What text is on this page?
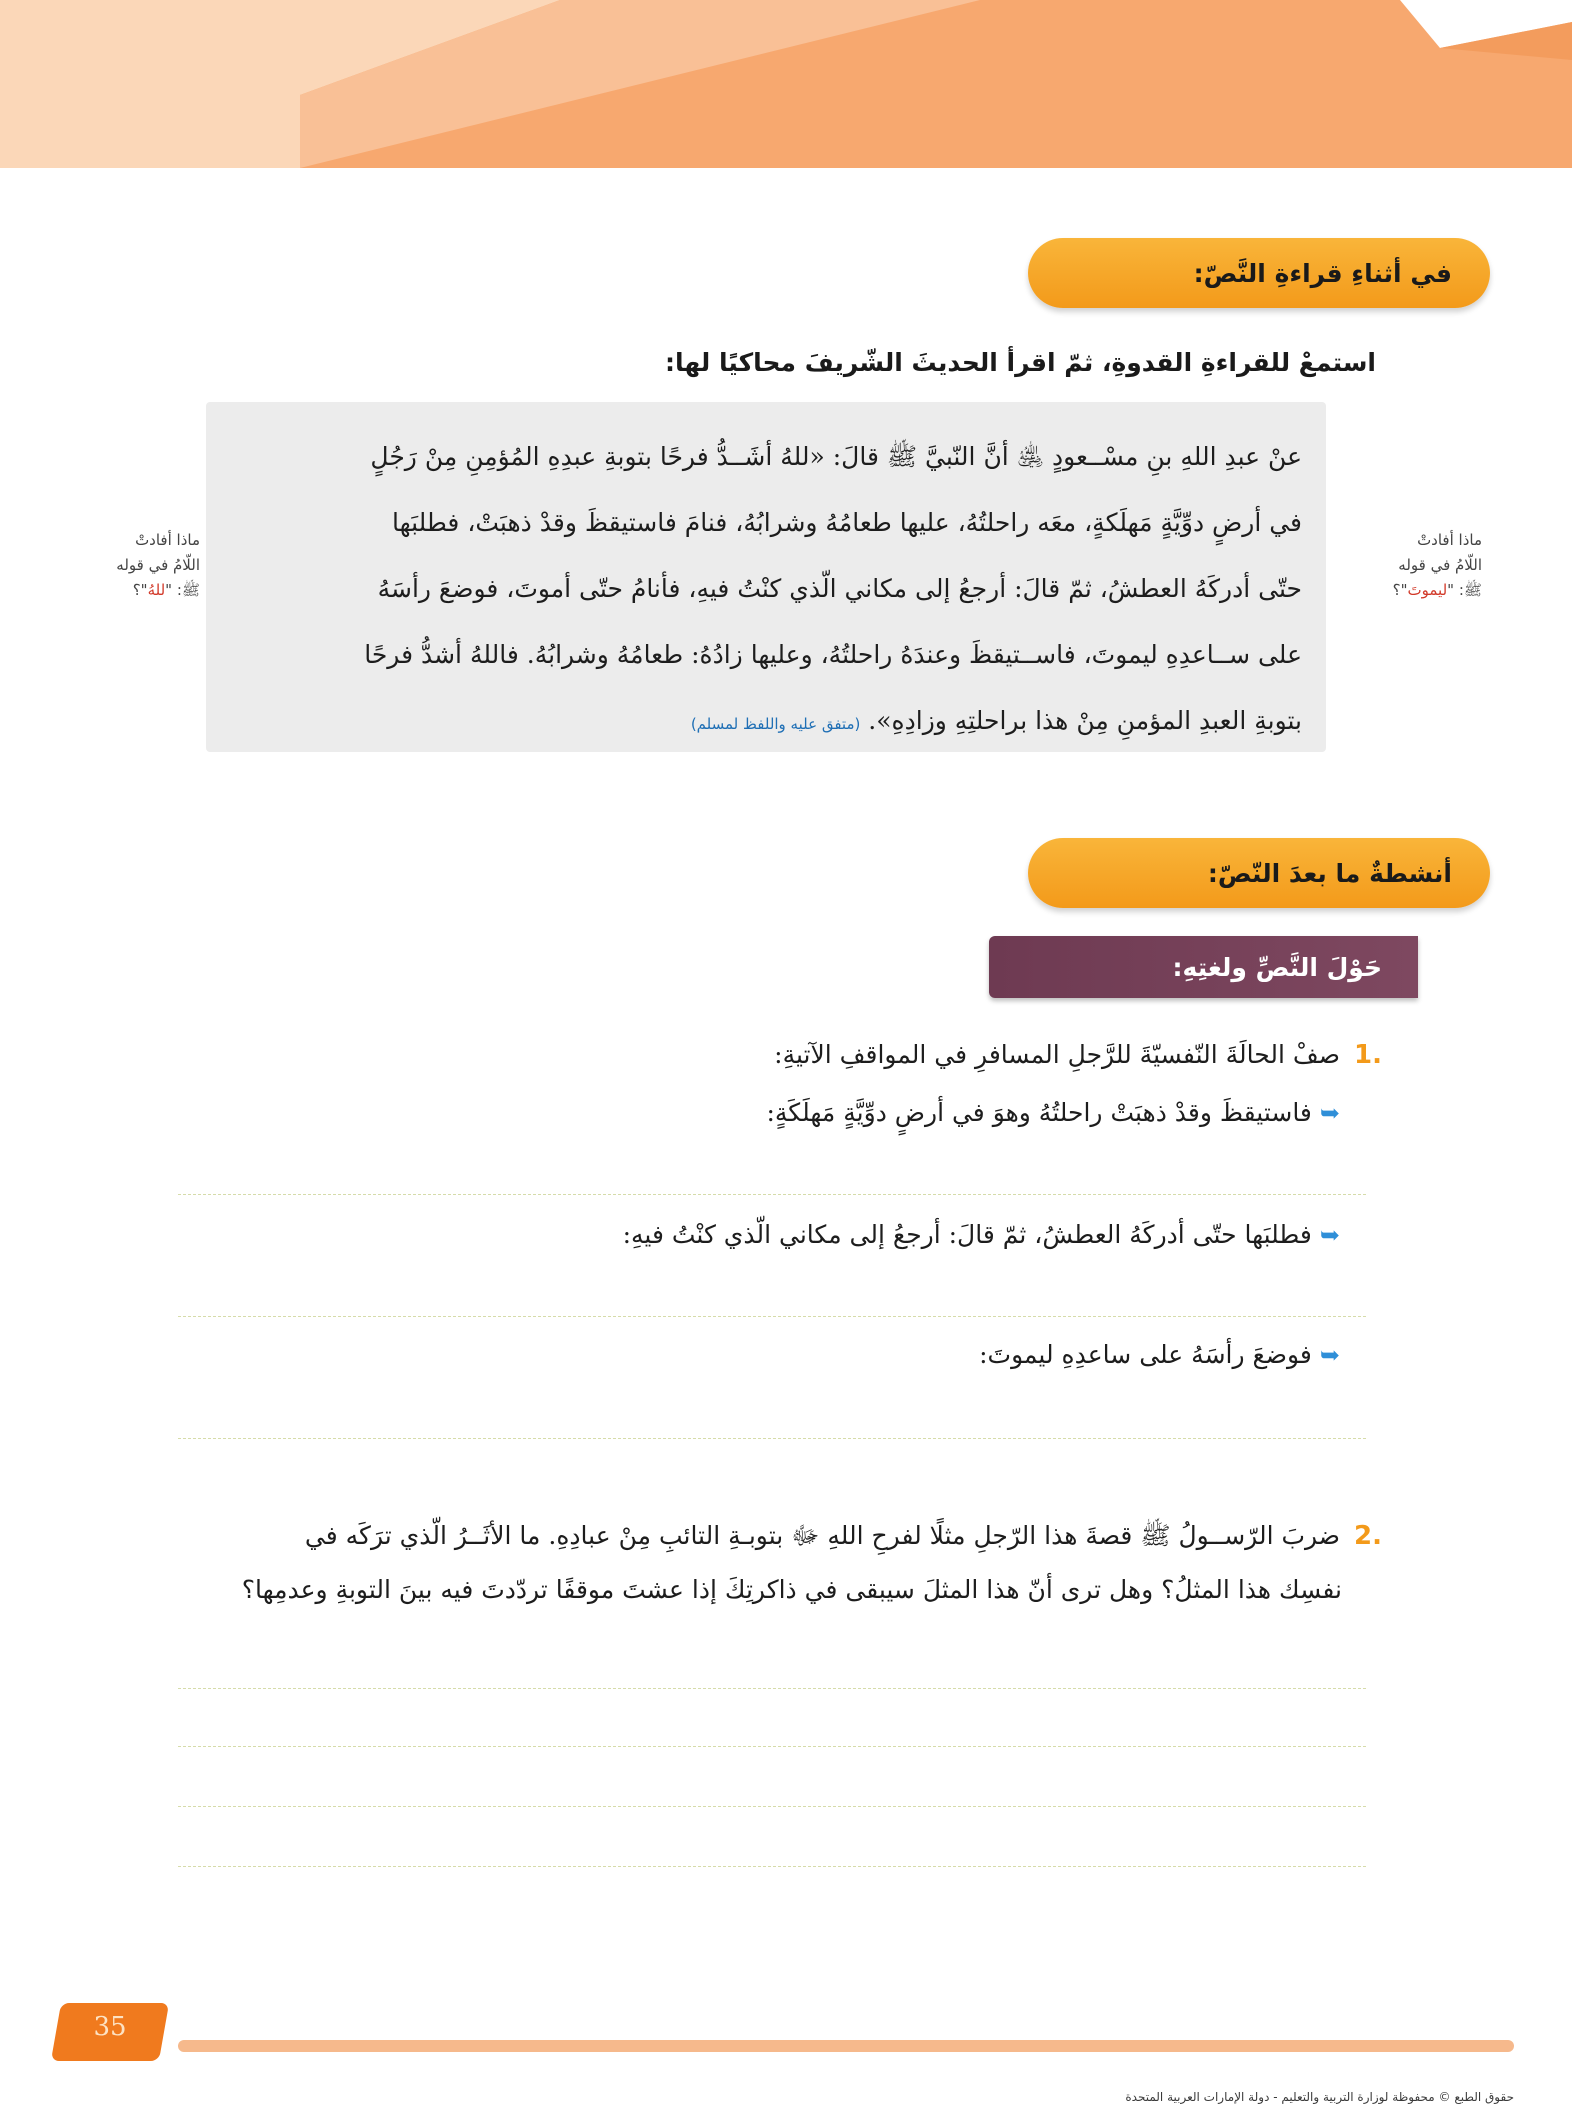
في أثناءِ قراءةِ النَّصّ:
استمعْ للقراءةِ القدوةِ، ثمّ اقرأ الحديثَ الشّريفَ محاكيًا لها:
عنْ عبدِ اللهِ بنِ مسْــعودٍ ﵁ أنَّ النّبيَّ ﷺ قالَ: «للهُ أشَــدُّ فرحًا بتوبةِ عبدِهِ المُؤمِنِ مِنْ رَجُلٍ
في أرضٍ دوِّيَّةٍ مَهلَكةٍ، معَه راحلتُهُ، عليها طعامُهُ وشرابُهُ، فنامَ فاستيقظَ وقدْ ذهبَتْ، فطلبَها
حتّى أدركَهُ العطشُ، ثمّ قالَ: أرجعُ إلى مكاني الّذي كنْتُ فيهِ، فأنامُ حتّى أموتَ، فوضعَ رأسَهُ
على ســاعدِهِ ليموتَ، فاســتيقظَ وعندَهُ راحلتُهُ، وعليها زادُهُ: طعامُهُ وشرابُهُ. فاللهُ أشدُّ فرحًا
بتوبةِ العبدِ المؤمنِ مِنْ هذا براحلتِهِ وزادِهِ». (متفق عليه واللفظ لمسلم)
ماذا أفادتْ
اللّامُ في قوله
ﷺ: "ليموتَ"؟
ماذا أفادتْ
اللّامُ في قوله
ﷺ: "للهُ"؟
أنشطةٌ ما بعدَ النّصّ:
حَوْلَ النَّصِّ ولغتِهِ:
1.
صفْ الحالَةَ النّفسيّةَ للرَّجلِ المسافرِ في المواقفِ الآتيةِ:
➥فاستيقظَ وقدْ ذهبَتْ راحلتُهُ وهوَ في أرضٍ دوِّيَّةٍ مَهلَكَةٍ:
➥فطلبَها حتّى أدركَهُ العطشُ، ثمّ قالَ: أرجعُ إلى مكاني الّذي كنْتُ فيهِ:
➥فوضعَ رأسَهُ على ساعدِهِ ليموتَ:
2.
ضربَ الرّســولُ ﷺ قصةَ هذا الرّجلِ مثلًا لفرحِ اللهِ ﷻ بتوبـةِ التائبِ مِنْ عبادِهِ. ما الأثَــرُ الّذي ترَكَه في
نفسِك هذا المثلُ؟ وهل ترى أنّ هذا المثلَ سيبقى في ذاكرتِكَ إذا عشتَ موقفًا تردّدتَ فيه بينَ التوبةِ وعدمِها؟
35
حقوق الطبع © محفوظة لوزارة التربية والتعليم - دولة الإمارات العربية المتحدة
